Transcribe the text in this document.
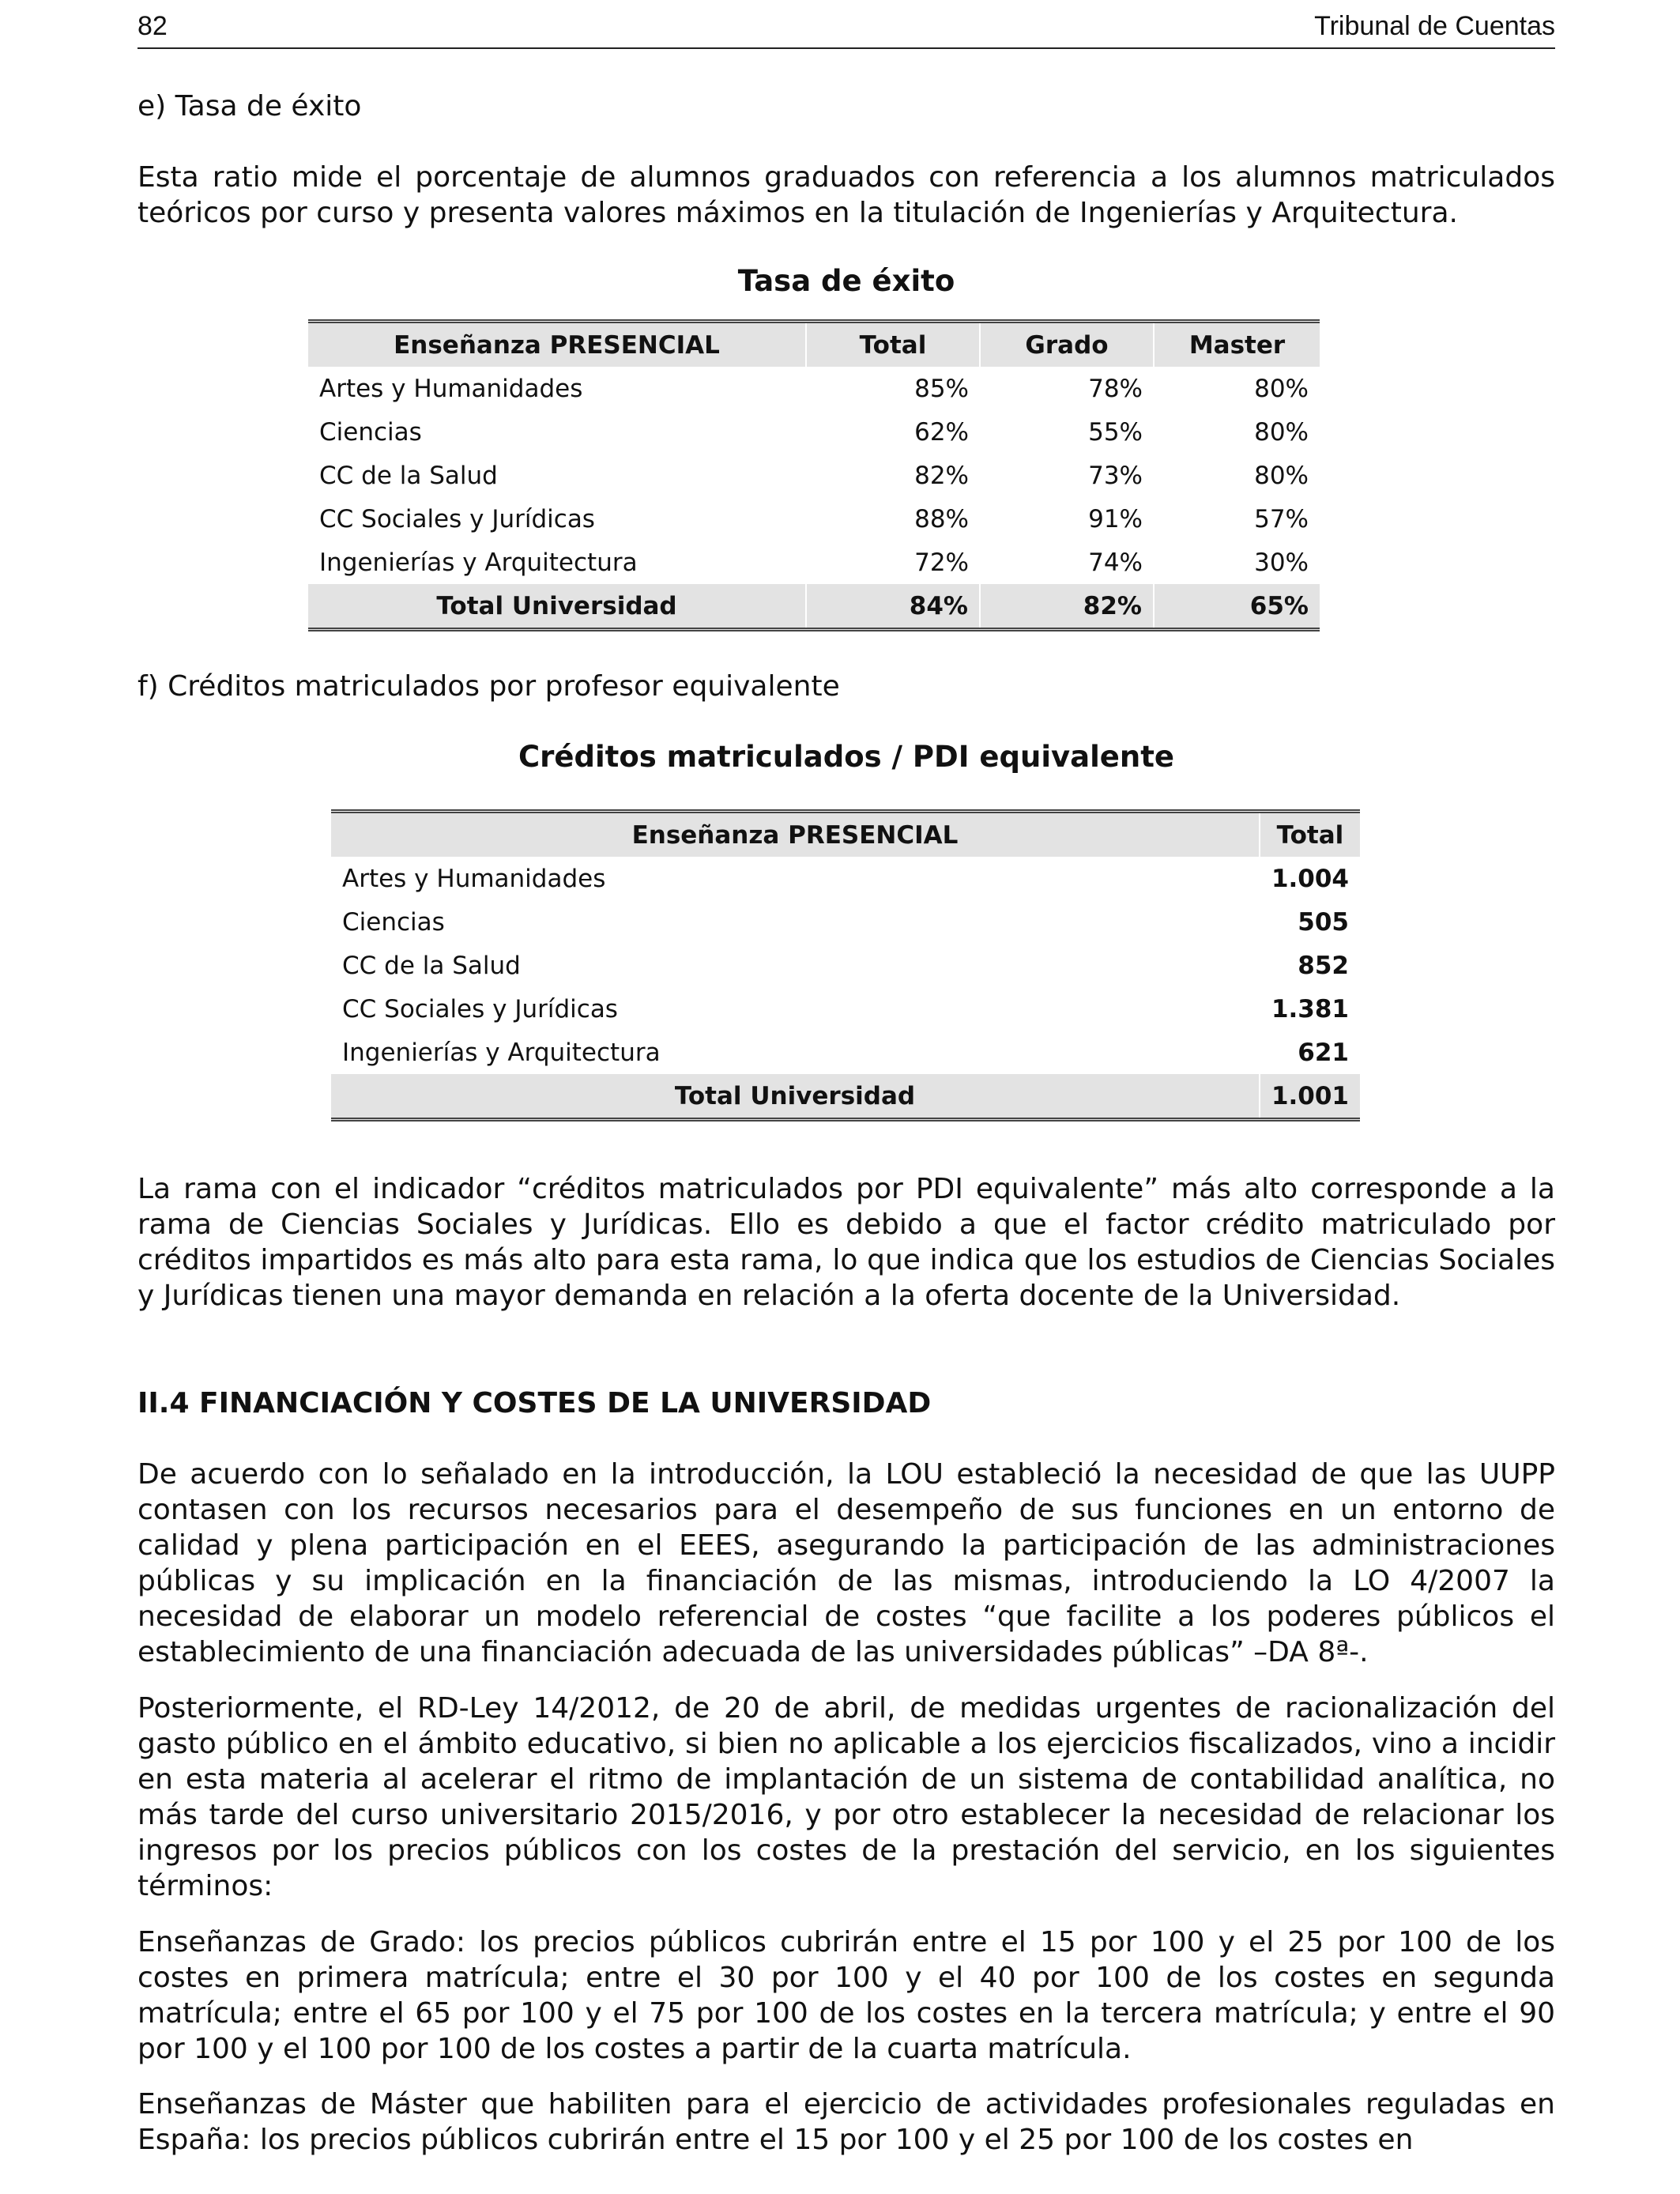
82	Tribunal de Cuentas
e) Tasa de éxito
Esta ratio mide el porcentaje de alumnos graduados con referencia a los alumnos matriculados teóricos por curso y presenta valores máximos en la titulación de Ingenierías y Arquitectura.
Tasa de éxito
Enseñanza PRESENCIAL	Total	Grado	Master
Artes y Humanidades	85%	78%	80%
Ciencias	62%	55%	80%
CC de la Salud	82%	73%	80%
CC Sociales y Jurídicas	88%	91%	57%
Ingenierías y Arquitectura	72%	74%	30%
Total Universidad	84%	82%	65%
f) Créditos matriculados por profesor equivalente
Créditos matriculados / PDI equivalente
Enseñanza PRESENCIAL	Total
Artes y Humanidades	1.004
Ciencias	505
CC de la Salud	852
CC Sociales y Jurídicas	1.381
Ingenierías y Arquitectura	621
Total Universidad	1.001
La rama con el indicador “créditos matriculados por PDI equivalente” más alto corresponde a la rama de Ciencias Sociales y Jurídicas. Ello es debido a que el factor crédito matriculado por créditos impartidos es más alto para esta rama, lo que indica que los estudios de Ciencias Sociales y Jurídicas tienen una mayor demanda en relación a la oferta docente de la Universidad.
II.4 FINANCIACIÓN Y COSTES DE LA UNIVERSIDAD
De acuerdo con lo señalado en la introducción, la LOU estableció la necesidad de que las UUPP contasen con los recursos necesarios para el desempeño de sus funciones en un entorno de calidad y plena participación en el EEES, asegurando la participación de las administraciones públicas y su implicación en la financiación de las mismas, introduciendo la LO 4/2007 la necesidad de elaborar un modelo referencial de costes “que facilite a los poderes públicos el establecimiento de una financiación adecuada de las universidades públicas” –DA 8ª-.
Posteriormente, el RD-Ley 14/2012, de 20 de abril, de medidas urgentes de racionalización del gasto público en el ámbito educativo, si bien no aplicable a los ejercicios fiscalizados, vino a incidir en esta materia al acelerar el ritmo de implantación de un sistema de contabilidad analítica, no más tarde del curso universitario 2015/2016, y por otro establecer la necesidad de relacionar los ingresos por los precios públicos con los costes de la prestación del servicio, en los siguientes términos:
Enseñanzas de Grado: los precios públicos cubrirán entre el 15 por 100 y el 25 por 100 de los costes en primera matrícula; entre el 30 por 100 y el 40 por 100 de los costes en segunda matrícula; entre el 65 por 100 y el 75 por 100 de los costes en la tercera matrícula; y entre el 90 por 100 y el 100 por 100 de los costes a partir de la cuarta matrícula.
Enseñanzas de Máster que habiliten para el ejercicio de actividades profesionales reguladas en España: los precios públicos cubrirán entre el 15 por 100 y el 25 por 100 de los costes en
